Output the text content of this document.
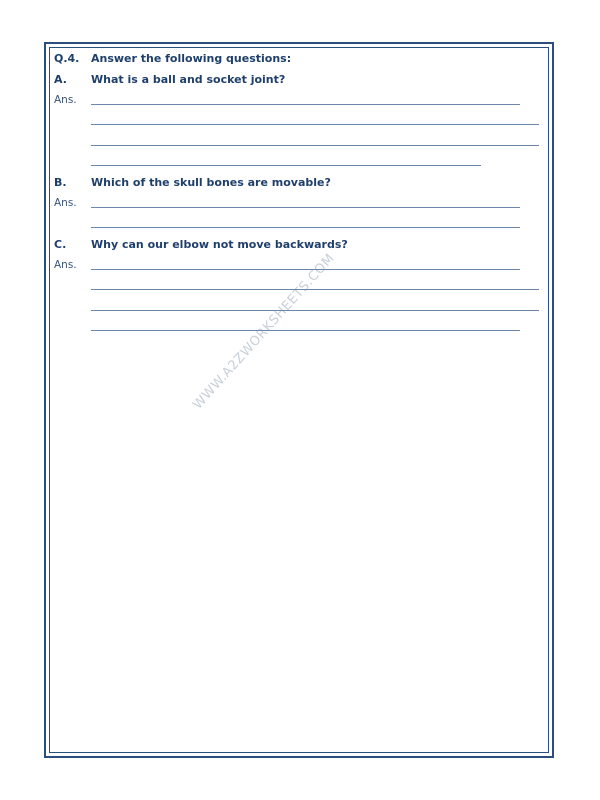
WWW.A2ZWORKSHEETS.COM
Q.4. Answer the following questions:
A. What is a ball and socket joint?
Ans.
B. Which of the skull bones are movable?
Ans.
C. Why can our elbow not move backwards?
Ans.
